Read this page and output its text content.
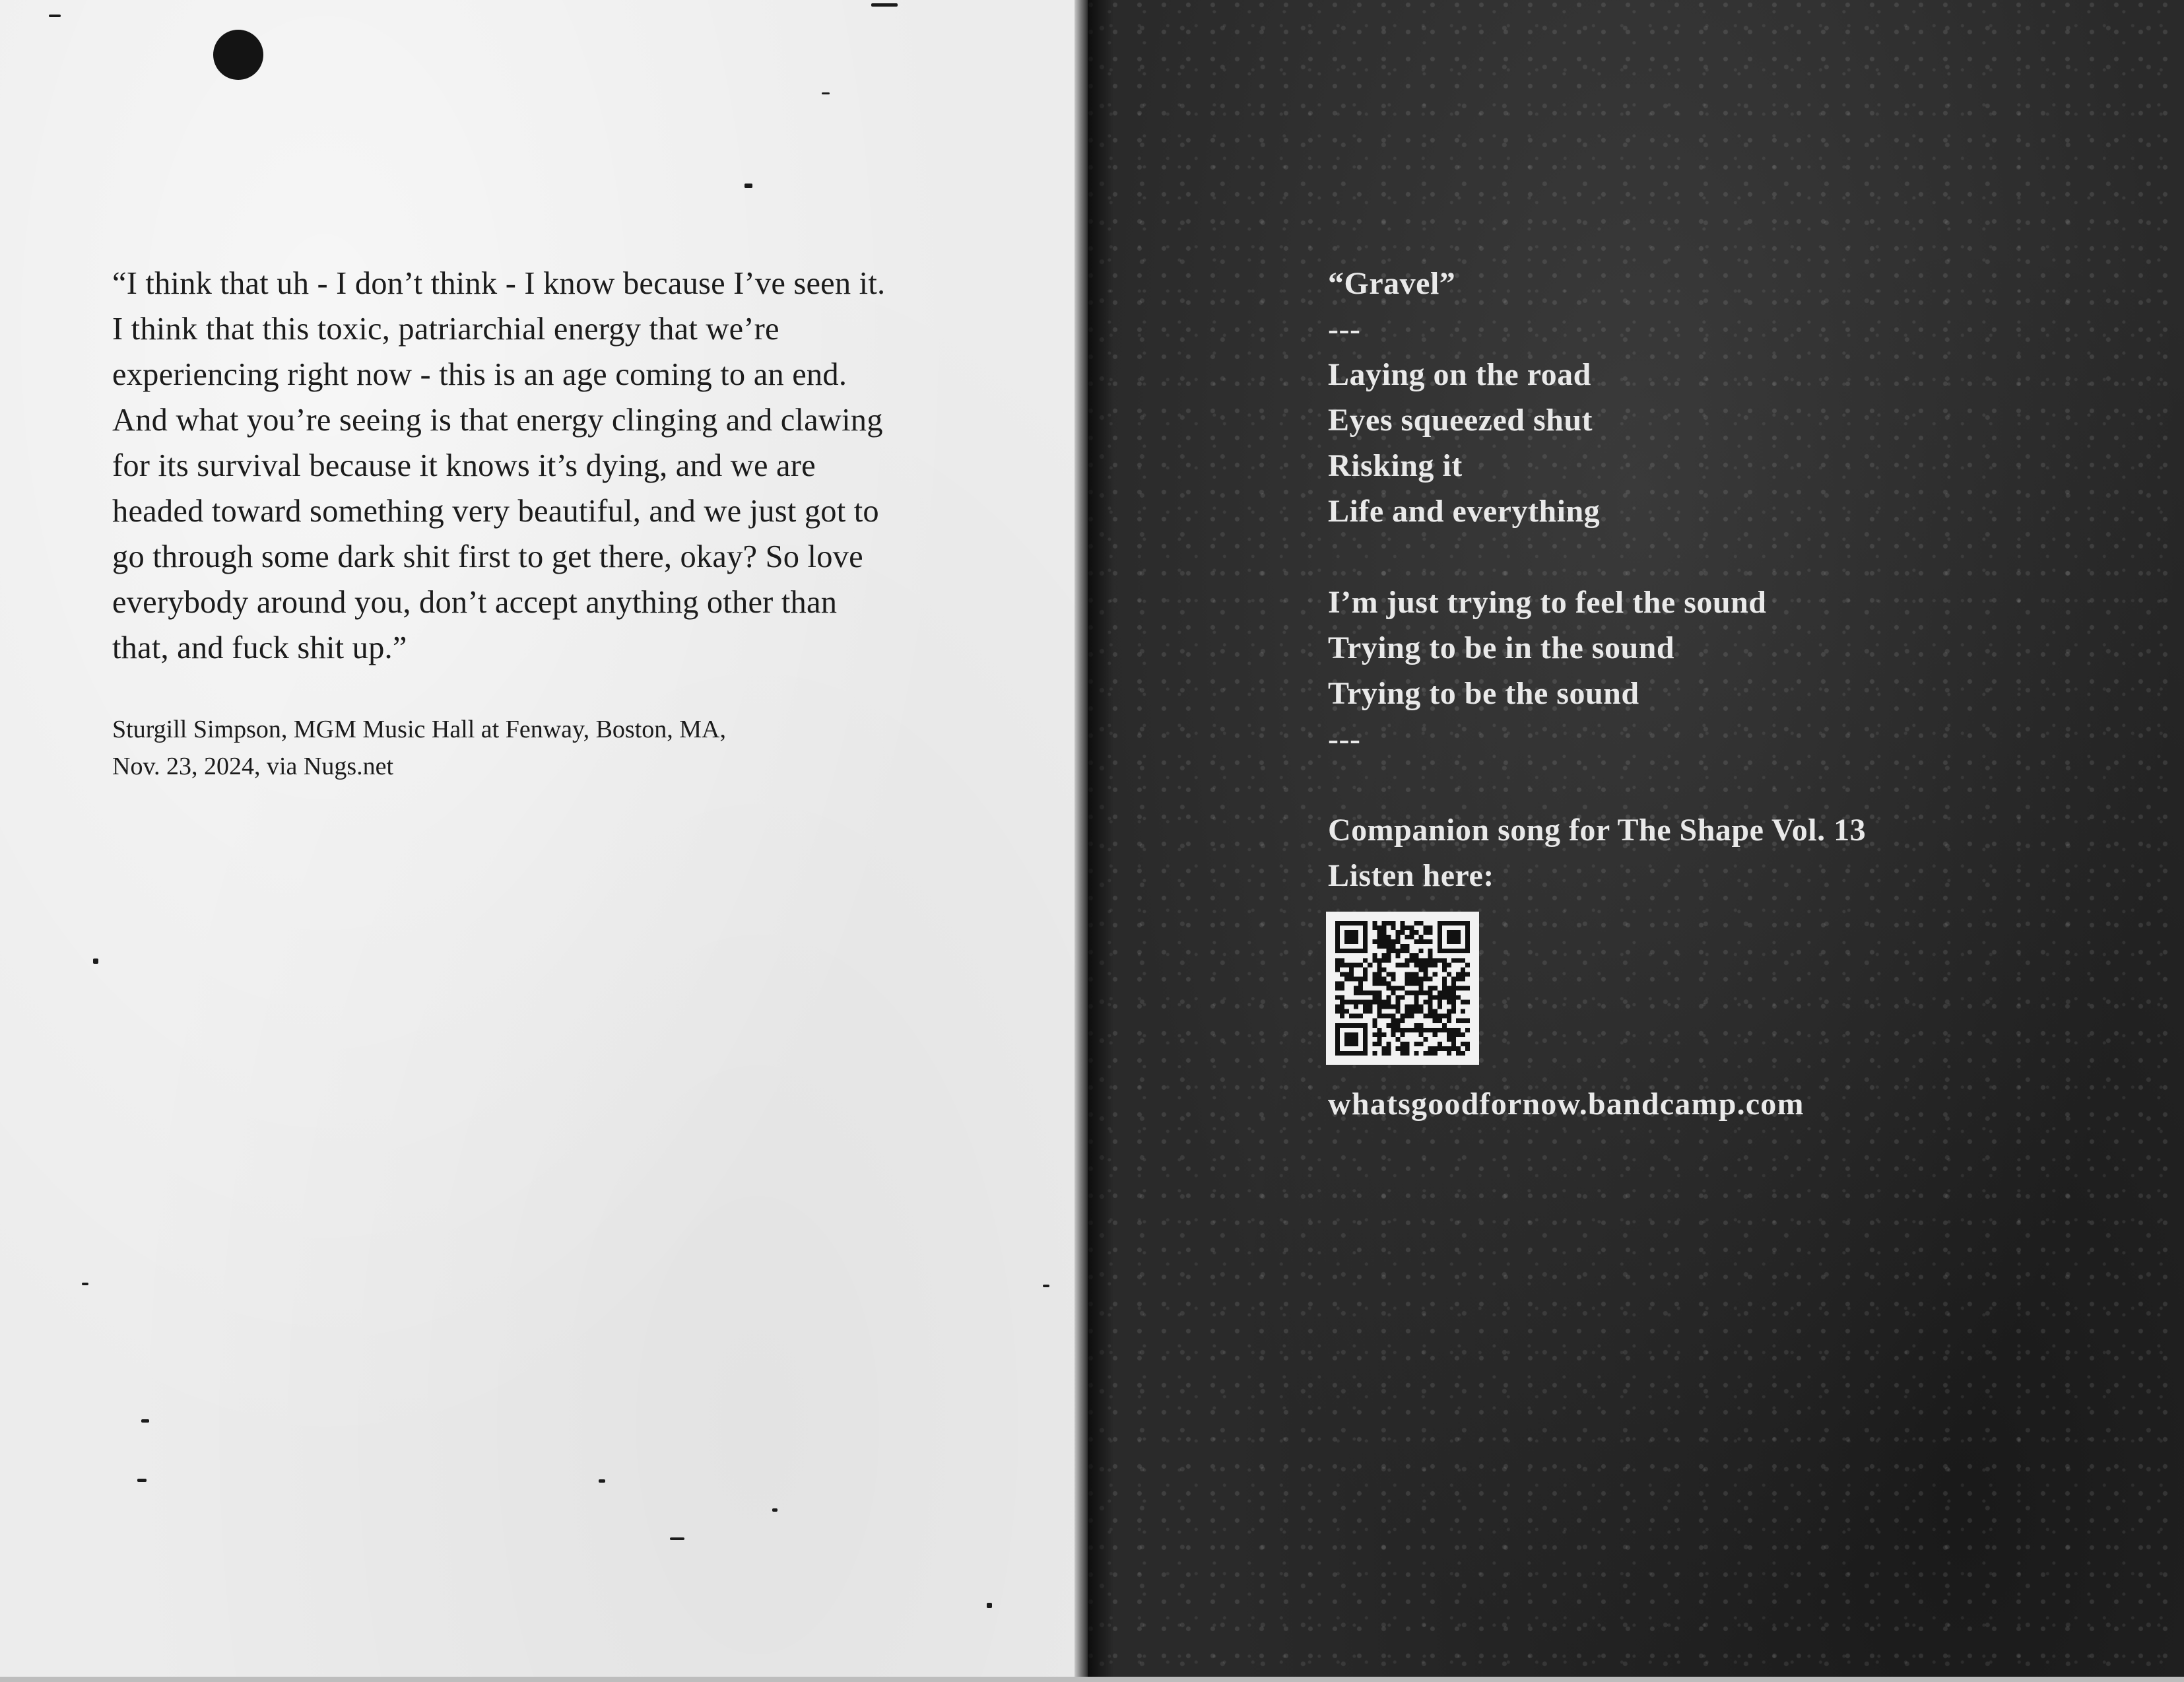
“I think that uh - I don’t think - I know because I’ve seen it.
I think that this toxic, patriarchial energy that we’re
experiencing right now - this is an age coming to an end.
And what you’re seeing is that energy clinging and clawing
for its survival because it knows it’s dying, and we are
headed toward something very beautiful, and we just got to
go through some dark shit first to get there, okay? So love
everybody around you, don’t accept anything other than
that, and fuck shit up.”

Sturgill Simpson, MGM Music Hall at Fenway, Boston, MA,
Nov. 23, 2024, via Nugs.net

“Gravel”
---
Laying on the road
Eyes squeezed shut
Risking it
Life and everything
I’m just trying to feel the sound
Trying to be in the sound
Trying to be the sound
---
Companion song for The Shape Vol. 13
Listen here:

whatsgoodfornow.bandcamp.com
